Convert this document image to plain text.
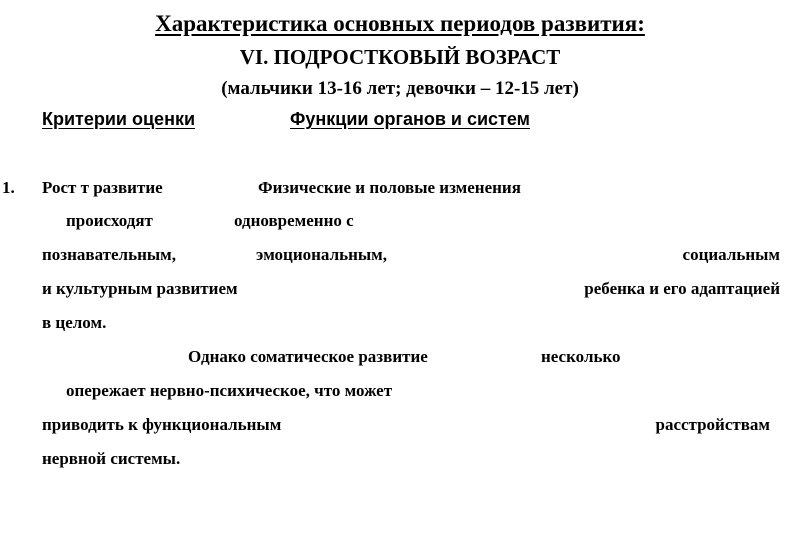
Характеристика основных периодов развития:
VI. ПОДРОСТКОВЫЙ ВОЗРАСТ
(мальчики 13-16 лет; девочки – 12-15 лет)
Критерии оценки	Функции органов и систем
1. Рост т развитие	Физические и половые изменения
происходят	одновременно с
познавательным,	эмоциональным,	социальным
и культурным развитием	ребенка и его адаптацией
в целом.
Однако соматическое развитие	несколько
опережает нервно-психическое, что может
приводить к функциональным	расстройствам
нервной системы.
